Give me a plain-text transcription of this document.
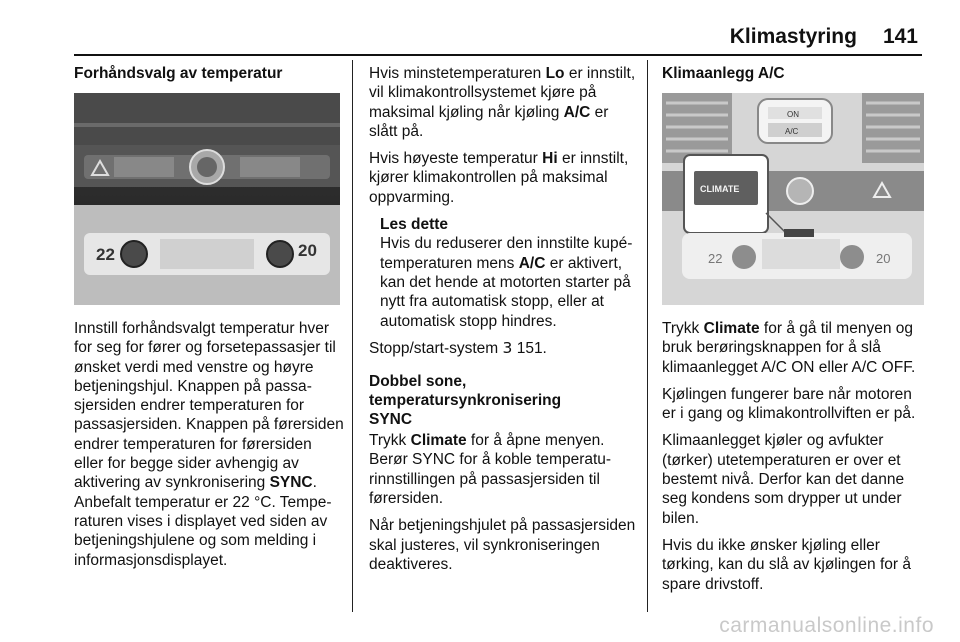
Klimastyring 141
Forhåndsvalg av temperatur
22	20

Innstill forhåndsvalgt temperatur hver for seg for fører og forsetepassasjer til ønsket verdi med venstre og høyre betjeningshjul. Knappen på passasjersiden endrer temperaturen for passasjersiden. Knappen på førersiden endrer temperaturen for førersiden eller for begge sider avhengig av aktivering av synkronisering SYNC. Anbefalt temperatur er 22 °C. Temperaturen vises i displayet ved siden av betjeningshjulene og som melding i informasjonsdisplayet.

Hvis minstetemperaturen Lo er innstilt, vil klimakontrollsystemet kjøre på maksimal kjøling når kjøling A/C er slått på.

Hvis høyeste temperatur Hi er innstilt, kjører klimakontrollen på maksimal oppvarming.

Les dette
Hvis du reduserer den innstilte kupétemperaturen mens A/C er aktivert, kan det hende at motorten starter på nytt fra automatisk stopp, eller at automatisk stopp hindres.

Stopp/start-system 3 151.

Dobbel sone, temperatursynkronisering SYNC

Trykk Climate for å åpne menyen. Berør SYNC for å koble temperaturinnstillingen på passasjersiden til førersiden.

Når betjeningshjulet på passasjersiden skal justeres, vil synkroniseringen deaktiveres.

Klimaanlegg A/C
ON
A/C
CLIMATE
22	20

Trykk Climate for å gå til menyen og bruk berøringsknappen for å slå klimaanlegget A/C ON eller A/C OFF.

Kjølingen fungerer bare når motoren er i gang og klimakontrollviften er på.

Klimaanlegget kjøler og avfukter (tørker) utetemperaturen er over et bestemt nivå. Derfor kan det danne seg kondens som drypper ut under bilen.

Hvis du ikke ønsker kjøling eller tørking, kan du slå av kjølingen for å spare drivstoff.

carmanualsonline.info
